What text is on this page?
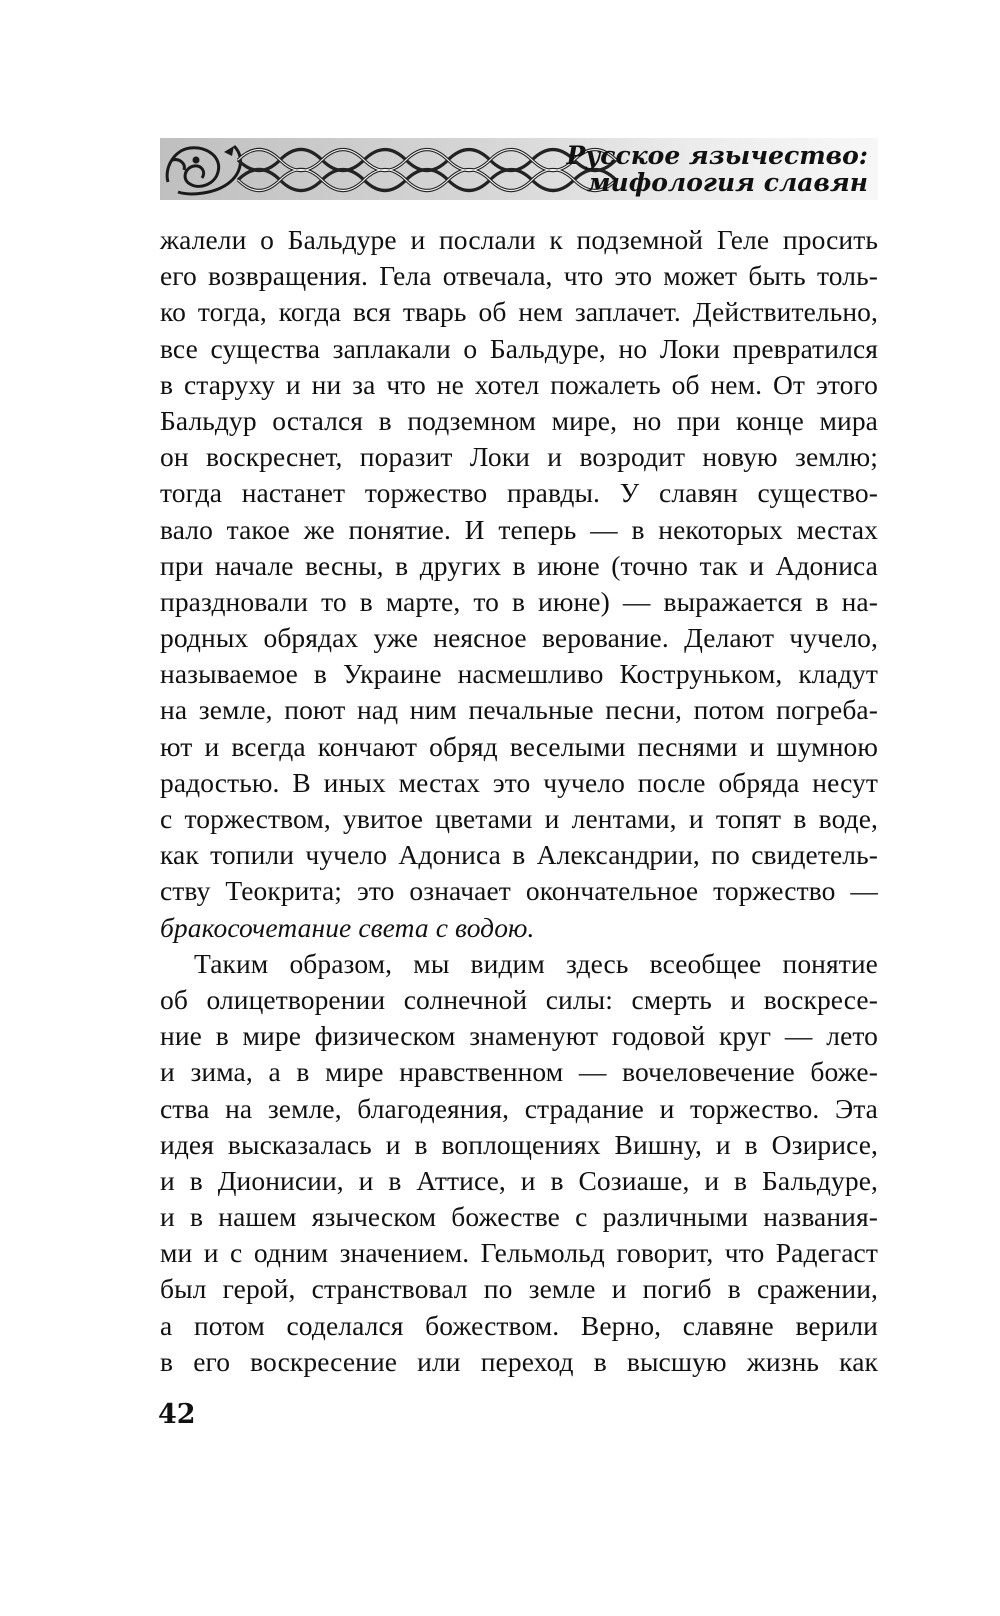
Русское язычество:
мифология славян
жалели о Бальдуре и послали к подземной Геле просить
его возвращения. Гела отвечала, что это может быть толь-
ко тогда, когда вся тварь об нем заплачет. Действительно,
все существа заплакали о Бальдуре, но Локи превратился
в старуху и ни за что не хотел пожалеть об нем. От этого
Бальдур остался в подземном мире, но при конце мира
он воскреснет, поразит Локи и возродит новую землю;
тогда настанет торжество правды. У славян существо-
вало такое же понятие. И теперь — в некоторых местах
при начале весны, в других в июне (точно так и Адониса
праздновали то в марте, то в июне) — выражается в на-
родных обрядах уже неясное верование. Делают чучело,
называемое в Украине насмешливо Кострунькoм, кладут
на земле, поют над ним печальные песни, потом погреба-
ют и всегда кончают обряд веселыми песнями и шумною
радостью. В иных местах это чучело после обряда несут
с торжеством, увитое цветами и лентами, и топят в воде,
как топили чучело Адониса в Александрии, по свидетель-
ству Теокрита; это означает окончательное торжество —
бракосочетание света с водою.
Таким образом, мы видим здесь всеобщее понятие
об олицетворении солнечной силы: смерть и воскресе-
ние в мире физическом знаменуют годовой круг — лето
и зима, а в мире нравственном — вочеловечение боже-
ства на земле, благодеяния, страдание и торжество. Эта
идея высказалась и в воплощениях Вишну, и в Озирисе,
и в Дионисии, и в Аттисе, и в Созиаше, и в Бальдуре,
и в нашем языческом божестве с различными названия-
ми и с одним значением. Гельмольд говорит, что Радегаст
был герой, странствовал по земле и погиб в сражении,
а потом соделался божеством. Верно, славяне верили
в его воскресение или переход в высшую жизнь как
42
